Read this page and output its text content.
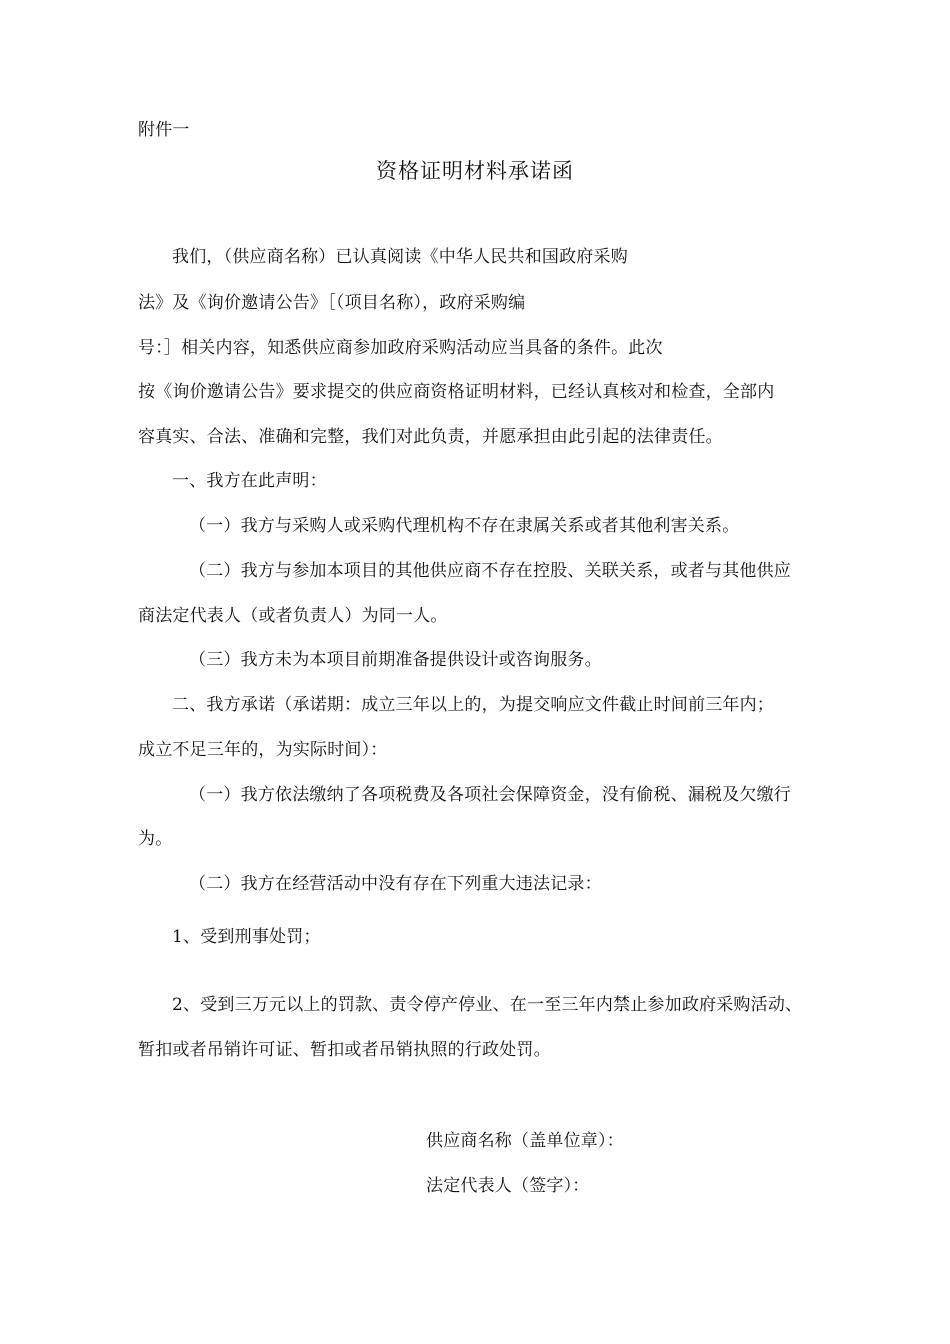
附件一
资格证明材料承诺函
我们，（供应商名称）已认真阅读《中华人民共和国政府采购
法》及《询价邀请公告》［（项目名称），政府采购编
号：］相关内容，知悉供应商参加政府采购活动应当具备的条件。此次
按《询价邀请公告》要求提交的供应商资格证明材料，已经认真核对和检查，全部内
容真实、合法、准确和完整，我们对此负责，并愿承担由此引起的法律责任。
一、我方在此声明：
（一）我方与采购人或采购代理机构不存在隶属关系或者其他利害关系。
（二）我方与参加本项目的其他供应商不存在控股、关联关系，或者与其他供应
商法定代表人（或者负责人）为同一人。
（三）我方未为本项目前期准备提供设计或咨询服务。
二、我方承诺（承诺期：成立三年以上的，为提交响应文件截止时间前三年内；
成立不足三年的，为实际时间）：
（一）我方依法缴纳了各项税费及各项社会保障资金，没有偷税、漏税及欠缴行
为。
（二）我方在经营活动中没有存在下列重大违法记录：
1、受到刑事处罚；
2、受到三万元以上的罚款、责令停产停业、在一至三年内禁止参加政府采购活动、
暂扣或者吊销许可证、暂扣或者吊销执照的行政处罚。
供应商名称（盖单位章）：
法定代表人（签字）：
